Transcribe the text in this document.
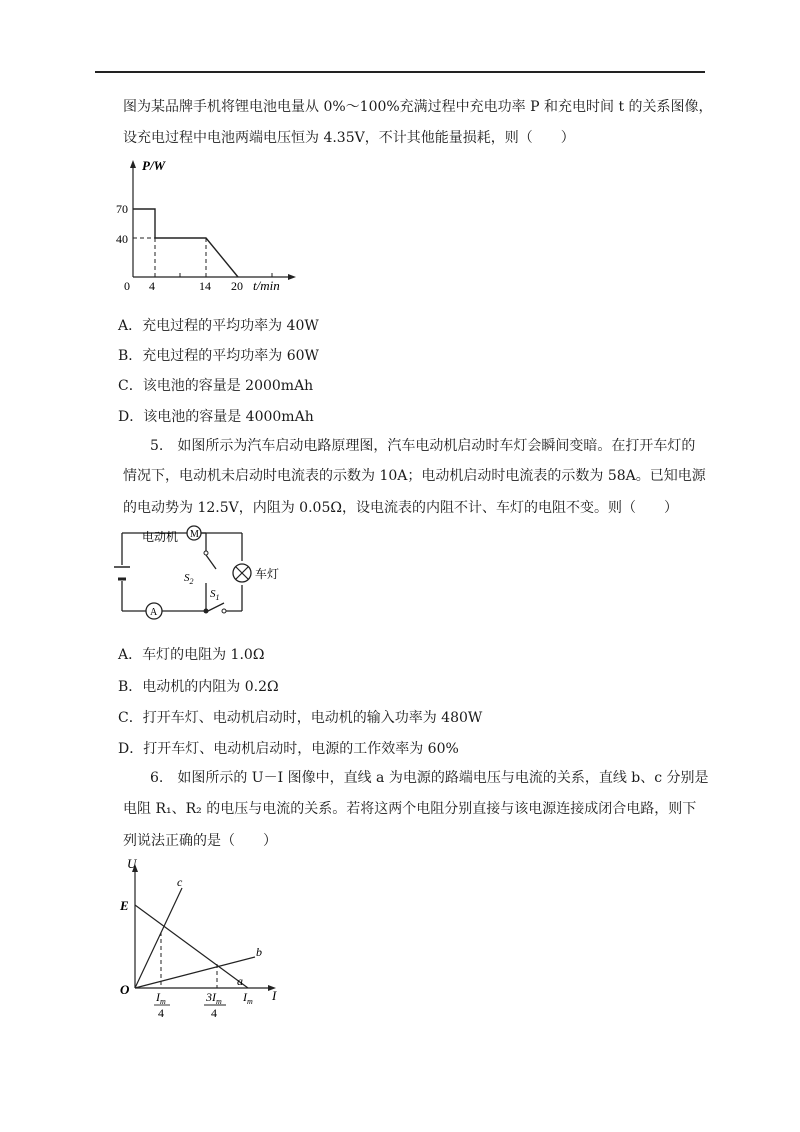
图为某品牌手机将锂电池电量从 0%～100%充满过程中充电功率 P 和充电时间 t 的关系图像，
设充电过程中电池两端电压恒为 4.35V，不计其他能量损耗，则（　　）
P/W
t/min
0
70
40
4	14 20
A．充电过程的平均功率为 40W
B．充电过程的平均功率为 60W
C．该电池的容量是 2000mAh
D．该电池的容量是 4000mAh
5.　如图所示为汽车启动电路原理图，汽车电动机启动时车灯会瞬间变暗。在打开车灯的
情况下，电动机未启动时电流表的示数为 10A；电动机启动时电流表的示数为 58A。已知电源
的电动势为 12.5V，内阻为 0.05Ω，设电流表的内阻不计、车灯的电阻不变。则（　　）
M
电动机
$S_2$
车灯
A
$S_1$
A．车灯的电阻为 1.0Ω
B．电动机的内阻为 0.2Ω
C．打开车灯、电动机启动时，电动机的输入功率为 480W
D．打开车灯、电动机启动时，电源的工作效率为 60%
6.　如图所示的 U－I 图像中，直线 a 为电源的路端电压与电流的关系，直线 b、c 分别是
电阻 R₁、R₂ 的电压与电流的关系。若将这两个电阻分别直接与该电源连接成闭合电路，则下
列说法正确的是（　　）
U
I
O
E
a
b
c
$I_m$
4
$3I_m$
4
$I_m$
